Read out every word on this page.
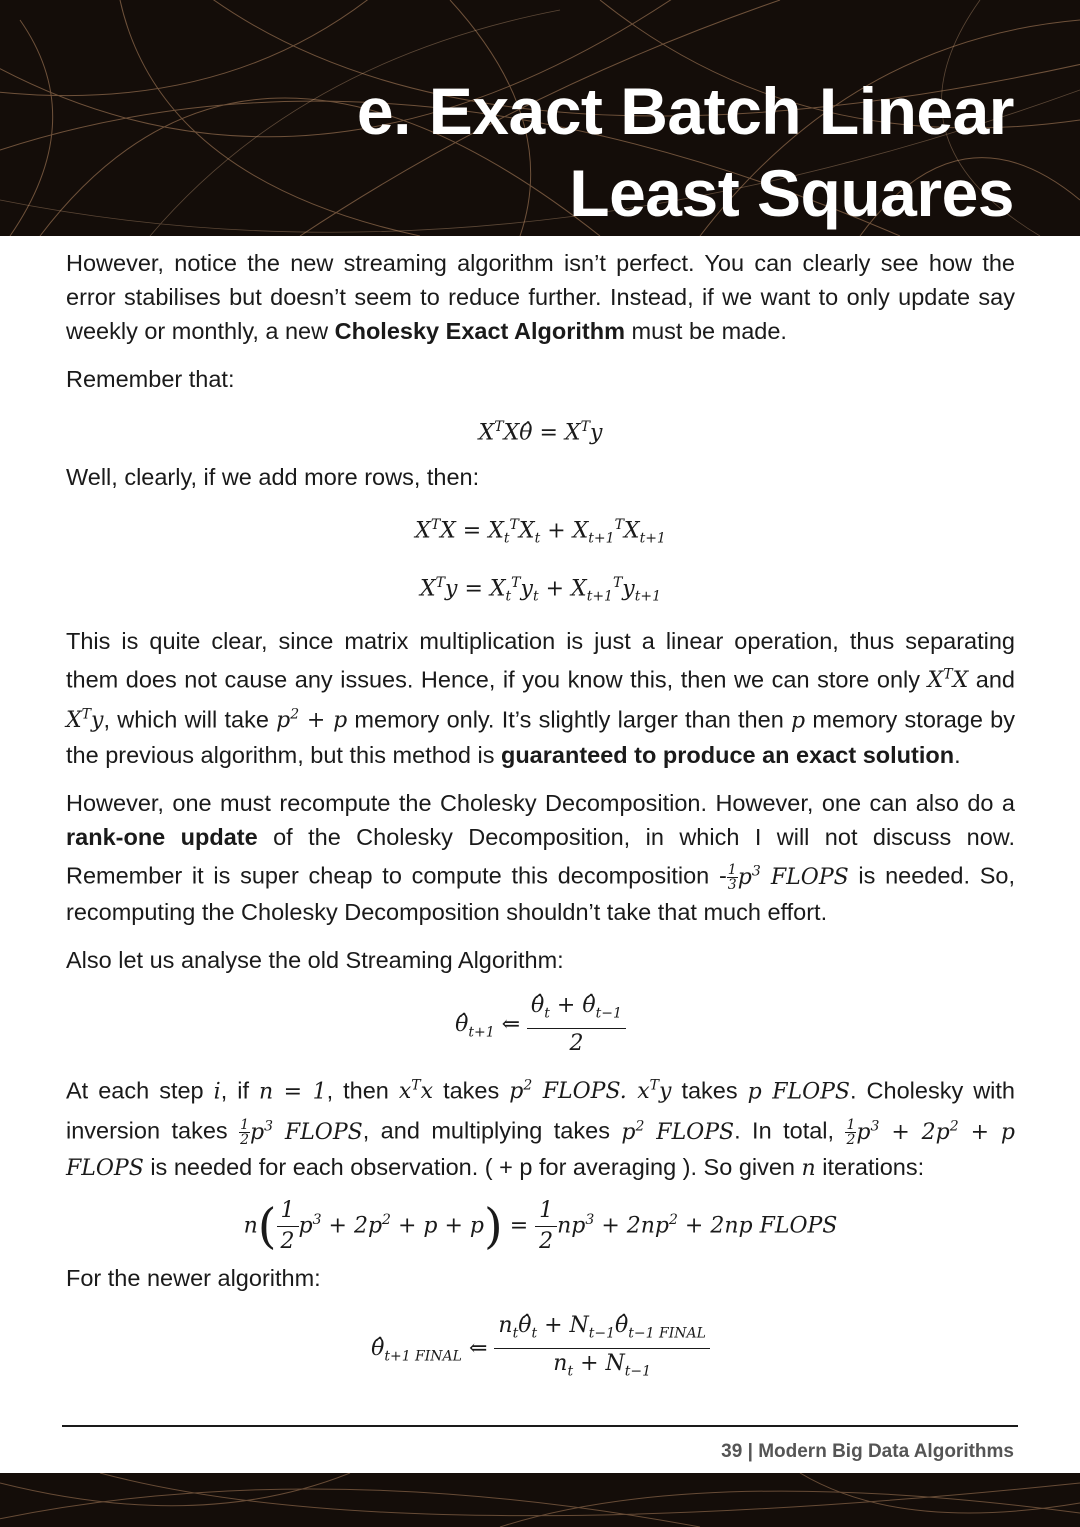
e. Exact Batch Linear
Least Squares

However, notice the new streaming algorithm isn’t perfect. You can clearly see how the error stabilises but doesn’t seem to reduce further. Instead, if we want to only update say weekly or monthly, a new Cholesky Exact Algorithm must be made.

Remember that:

$X^TX\thetâ = X^Ty$

Well, clearly, if we add more rows, then:

$X^TX = X_t^TX_t + X_{t+1}^TX_{t+1}$
$X^Ty = X_t^Ty_t + X_{t+1}^Ty_{t+1}$

This is quite clear, since matrix multiplication is just a linear operation, thus separating them does not cause any issues. Hence, if you know this, then we can store only $X^TX$ and $X^Ty$, which will take $p^2 + p$ memory only. It’s slightly larger than then p memory storage by the previous algorithm, but this method is guaranteed to produce an exact solution.

However, one must recompute the Cholesky Decomposition. However, one can also do a rank-one update of the Cholesky Decomposition, in which I will not discuss now. Remember it is super cheap to compute this decomposition - $\frac{1}{3} p^3$ FLOPS is needed. So, recomputing the Cholesky Decomposition shouldn’t take that much effort.

Also let us analyse the old Streaming Algorithm:

$\thetâ_{t+1}$ ⇐ $\frac{\thetâ_t + \thetâ_{t-1}}{2}$

At each step i, if n = 1, then $x^Tx$ takes $p^2$ FLOPS. $x^Ty$ takes p FLOPS. Cholesky with inversion takes $\frac{1}{2} p^3$ FLOPS, and multiplying takes $p^2$ FLOPS. In total, $\frac{1}{2} p^3 + 2p^2 + p$ FLOPS is needed for each observation. ( + p for averaging ). So given n iterations:

$n( \frac{1}{2} p^3 + 2p^2 + p + p) = \frac{1}{2} np^3 + 2np^2 + 2np$ FLOPS

For the newer algorithm:

$\thetâ_{t+1 FINAL}$ ⇐ $\frac{n_t\thetâ_t + N_{t-1}\thetâ_{t-1 FINAL}}{n_t + N_{t-1}}$
39 | Modern Big Data Algorithms
